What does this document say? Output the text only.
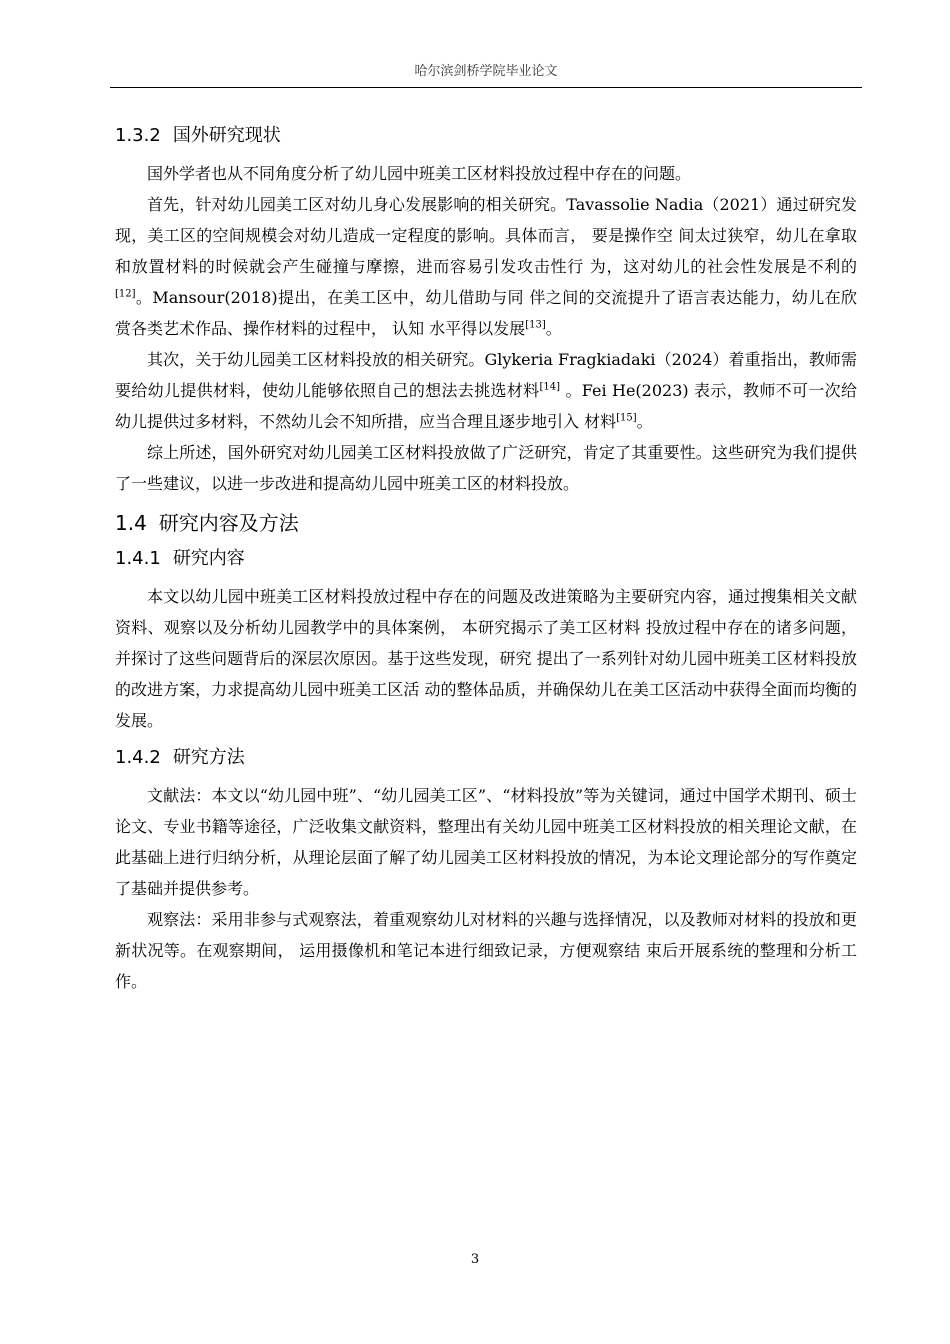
哈尔滨剑桥学院毕业论文
1.3.2 国外研究现状

国外学者也从不同角度分析了幼儿园中班美工区材料投放过程中存在的问题。

首先，针对幼儿园美工区对幼儿身心发展影响的相关研究。Tavassolie Nadia（2021）通过研究发现，美工区的空间规模会对幼儿造成一定程度的影响。具体而言， 要是操作空 间太过狭窄，幼儿在拿取和放置材料的时候就会产生碰撞与摩擦，进而容易引发攻击性行 为，这对幼儿的社会性发展是不利的[12]。Mansour(2018)提出，在美工区中，幼儿借助与同 伴之间的交流提升了语言表达能力，幼儿在欣赏各类艺术作品、操作材料的过程中， 认知 水平得以发展[13]。

其次，关于幼儿园美工区材料投放的相关研究。Glykeria Fragkiadaki（2024）着重指出，教师需要给幼儿提供材料，使幼儿能够依照自己的想法去挑选材料[14] 。Fei He(2023) 表示，教师不可一次给幼儿提供过多材料，不然幼儿会不知所措，应当合理且逐步地引入 材料[15]。

综上所述，国外研究对幼儿园美工区材料投放做了广泛研究，肯定了其重要性。这些研究为我们提供了一些建议，以进一步改进和提高幼儿园中班美工区的材料投放。

1.4 研究内容及方法
1.4.1 研究内容

本文以幼儿园中班美工区材料投放过程中存在的问题及改进策略为主要研究内容，通过搜集相关文献资料、观察以及分析幼儿园教学中的具体案例， 本研究揭示了美工区材料 投放过程中存在的诸多问题，并探讨了这些问题背后的深层次原因。基于这些发现，研究 提出了一系列针对幼儿园中班美工区材料投放的改进方案，力求提高幼儿园中班美工区活 动的整体品质，并确保幼儿在美工区活动中获得全面而均衡的发展。

1.4.2 研究方法

文献法：本文以“幼儿园中班”、“幼儿园美工区”、“材料投放”等为关键词，通过中国学术期刊、硕士论文、专业书籍等途径，广泛收集文献资料，整理出有关幼儿园中班美工区材料投放的相关理论文献，在此基础上进行归纳分析，从理论层面了解了幼儿园美工区材料投放的情况，为本论文理论部分的写作奠定了基础并提供参考。

观察法：采用非参与式观察法，着重观察幼儿对材料的兴趣与选择情况，以及教师对材料的投放和更新状况等。在观察期间， 运用摄像机和笔记本进行细致记录，方便观察结 束后开展系统的整理和分析工作。

3
